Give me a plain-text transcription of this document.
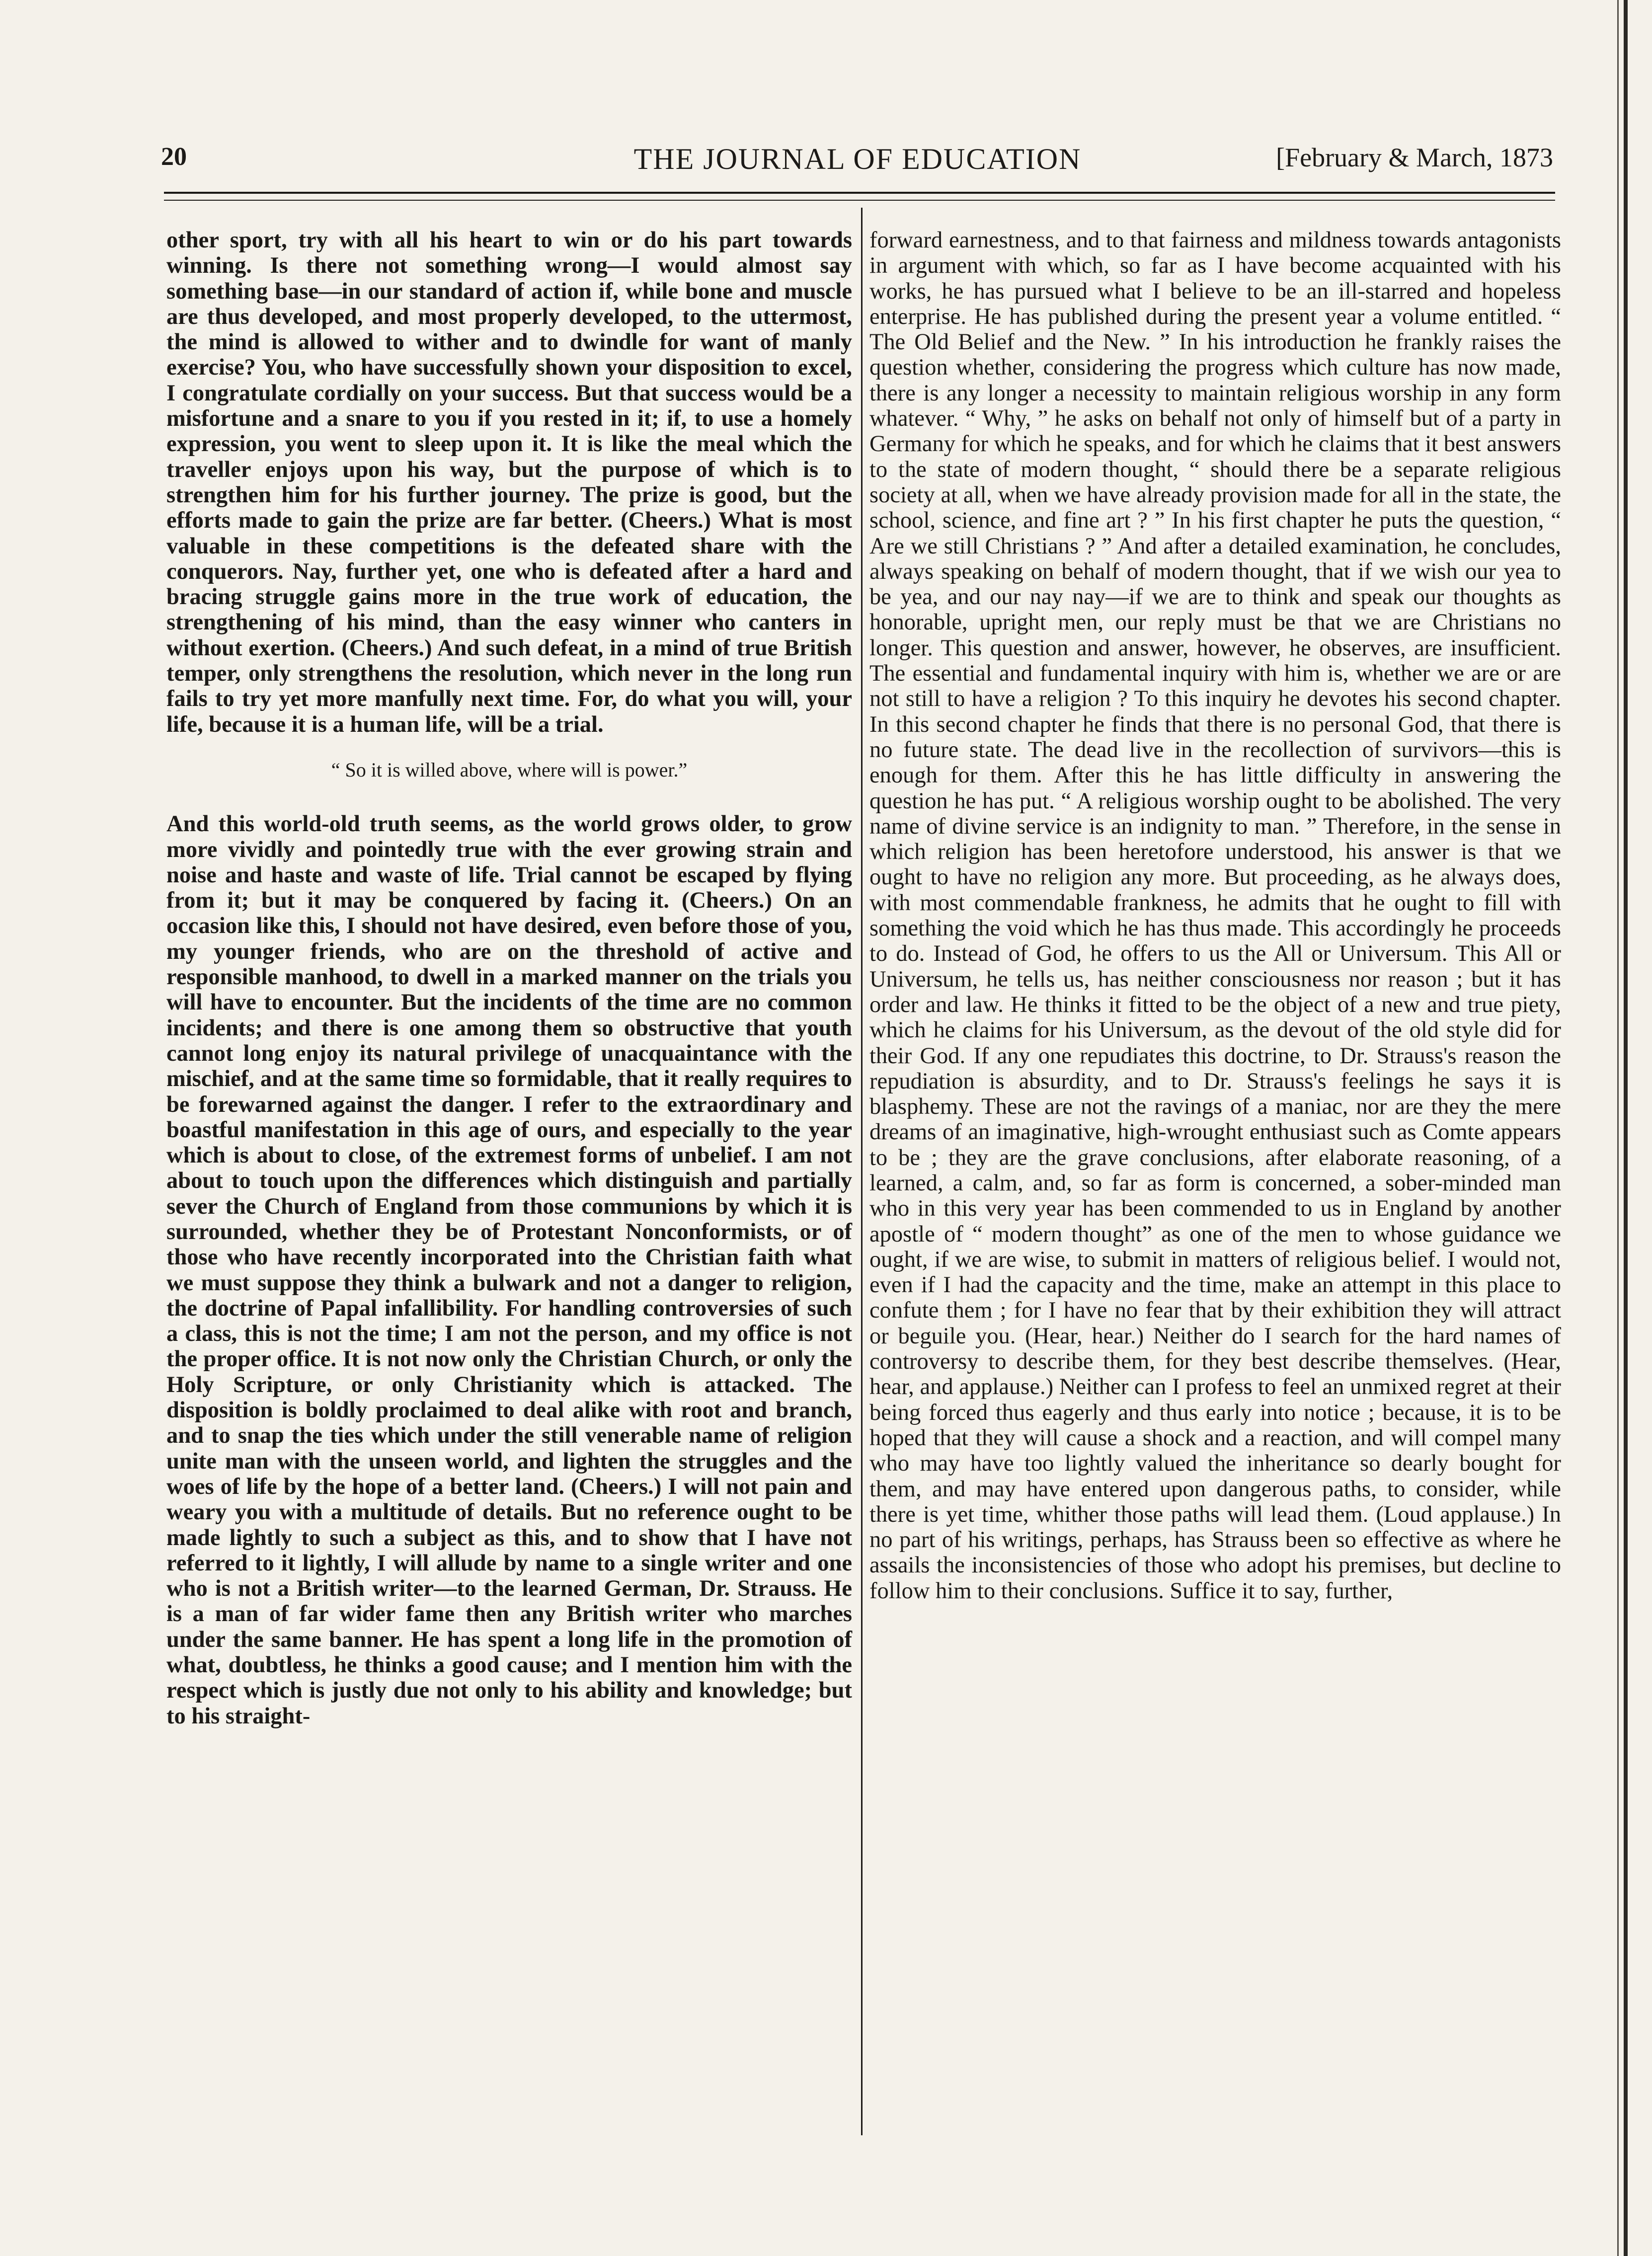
20	THE JOURNAL OF EDUCATION	[February & March, 1873

other sport, try with all his heart to win or do his part towards winning. Is there not something wrong—I would almost say something base—in our standard of action if, while bone and muscle are thus developed, and most properly developed, to the uttermost, the mind is allowed to wither and to dwindle for want of manly exercise? You, who have successfully shown your disposition to excel, I congratulate cordially on your success. But that success would be a misfortune and a snare to you if you rested in it; if, to use a homely expression, you went to sleep upon it. It is like the meal which the traveller enjoys upon his way, but the purpose of which is to strengthen him for his further journey. The prize is good, but the efforts made to gain the prize are far better. (Cheers.) What is most valuable in these competitions is the defeated share with the conquerors. Nay, further yet, one who is defeated after a hard and bracing struggle gains more in the true work of education, the strengthening of his mind, than the easy winner who canters in without exertion. (Cheers.) And such defeat, in a mind of true British temper, only strengthens the resolution, which never in the long run fails to try yet more manfully next time. For, do what you will, your life, because it is a human life, will be a trial.

“ So it is willed above, where will is power.”

And this world-old truth seems, as the world grows older, to grow more vividly and pointedly true with the ever growing strain and noise and haste and waste of life. Trial cannot be escaped by flying from it; but it may be conquered by facing it. (Cheers.) On an occasion like this, I should not have desired, even before those of you, my younger friends, who are on the threshold of active and responsible manhood, to dwell in a marked manner on the trials you will have to encounter. But the incidents of the time are no common incidents; and there is one among them so obstructive that youth cannot long enjoy its natural privilege of unacquaintance with the mischief, and at the same time so formidable, that it really requires to be forewarned against the danger. I refer to the extraordinary and boastful manifestation in this age of ours, and especially to the year which is about to close, of the extremest forms of unbelief. I am not about to touch upon the differences which distinguish and partially sever the Church of England from those communions by which it is surrounded, whether they be of Protestant Nonconformists, or of those who have recently incorporated into the Christian faith what we must suppose they think a bulwark and not a danger to religion, the doctrine of Papal infallibility. For handling controversies of such a class, this is not the time; I am not the person, and my office is not the proper office. It is not now only the Christian Church, or only the Holy Scripture, or only Christianity which is attacked. The disposition is boldly proclaimed to deal alike with root and branch, and to snap the ties which under the still venerable name of religion unite man with the unseen world, and lighten the struggles and the woes of life by the hope of a better land. (Cheers.) I will not pain and weary you with a multitude of details. But no reference ought to be made lightly to such a subject as this, and to show that I have not referred to it lightly, I will allude by name to a single writer and one who is not a British writer—to the learned German, Dr. Strauss. He is a man of far wider fame then any British writer who marches under the same banner. He has spent a long life in the promotion of what, doubtless, he thinks a good cause; and I mention him with the respect which is justly due not only to his ability and knowledge; but to his straight-

forward earnestness, and to that fairness and mildness towards antagonists in argument with which, so far as I have become acquainted with his works, he has pursued what I believe to be an ill-starred and hopeless enterprise. He has published during the present year a volume entitled. “ The Old Belief and the New. ” In his introduction he frankly raises the question whether, considering the progress which culture has now made, there is any longer a necessity to maintain religious worship in any form whatever. “ Why, ” he asks on behalf not only of himself but of a party in Germany for which he speaks, and for which he claims that it best answers to the state of modern thought, “ should there be a separate religious society at all, when we have already provision made for all in the state, the school, science, and fine art ? ” In his first chapter he puts the question, “ Are we still Christians ? ” And after a detailed examination, he concludes, always speaking on behalf of modern thought, that if we wish our yea to be yea, and our nay nay—if we are to think and speak our thoughts as honorable, upright men, our reply must be that we are Christians no longer. This question and answer, however, he observes, are insufficient. The essential and fundamental inquiry with him is, whether we are or are not still to have a religion ? To this inquiry he devotes his second chapter. In this second chapter he finds that there is no personal God, that there is no future state. The dead live in the recollection of survivors—this is enough for them. After this he has little difficulty in answering the question he has put. “ A religious worship ought to be abolished. The very name of divine service is an indignity to man. ” Therefore, in the sense in which religion has been heretofore understood, his answer is that we ought to have no religion any more. But proceeding, as he always does, with most commendable frankness, he admits that he ought to fill with something the void which he has thus made. This accordingly he proceeds to do. Instead of God, he offers to us the All or Universum. This All or Universum, he tells us, has neither consciousness nor reason ; but it has order and law. He thinks it fitted to be the object of a new and true piety, which he claims for his Universum, as the devout of the old style did for their God. If any one repudiates this doctrine, to Dr. Strauss's reason the repudiation is absurdity, and to Dr. Strauss's feelings he says it is blasphemy. These are not the ravings of a maniac, nor are they the mere dreams of an imaginative, high-wrought enthusiast such as Comte appears to be ; they are the grave conclusions, after elaborate reasoning, of a learned, a calm, and, so far as form is concerned, a sober-minded man who in this very year has been commended to us in England by another apostle of “ modern thought” as one of the men to whose guidance we ought, if we are wise, to submit in matters of religious belief. I would not, even if I had the capacity and the time, make an attempt in this place to confute them ; for I have no fear that by their exhibition they will attract or beguile you. (Hear, hear.) Neither do I search for the hard names of controversy to describe them, for they best describe themselves. (Hear, hear, and applause.) Neither can I profess to feel an unmixed regret at their being forced thus eagerly and thus early into notice ; because, it is to be hoped that they will cause a shock and a reaction, and will compel many who may have too lightly valued the inheritance so dearly bought for them, and may have entered upon dangerous paths, to consider, while there is yet time, whither those paths will lead them. (Loud applause.) In no part of his writings, perhaps, has Strauss been so effective as where he assails the inconsistencies of those who adopt his premises, but decline to follow him to their conclusions. Suffice it to say, further,
